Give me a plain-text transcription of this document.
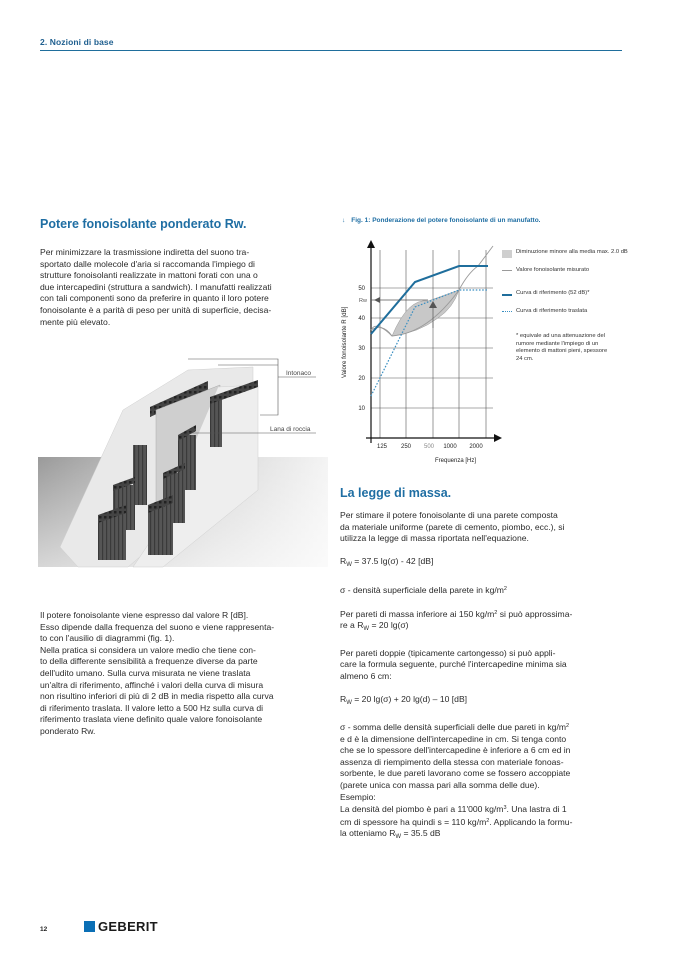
2. Nozioni di base
Potere fonoisolante ponderato Rw.

Per minimizzare la trasmissione indiretta del suono tra-

sportato dalle molecole d'aria si raccomanda l'impiego di

strutture fonoisolanti realizzate in mattoni forati con una o

due intercapedini (struttura a sandwich). I manufatti realizzati

con tali componenti sono da preferire in quanto il loro potere

fonoisolante è a parità di peso per unità di superficie, decisa-

mente più elevato.

Intonaco
Lana di roccia

Il potere fonoisolante viene espresso dal valore R [dB].

Esso dipende dalla frequenza del suono e viene rappresenta-

to con l'ausilio di diagrammi (fig. 1).

Nella pratica si considera un valore medio che tiene con-

to della differente sensibilità a frequenze diverse da parte

dell'udito umano. Sulla curva misurata ne viene traslata

un'altra di riferimento, affinché i valori della curva di misura

non risultino inferiori di più di 2 dB in media rispetto alla curva

di riferimento traslata. Il valore letto a 500 Hz sulla curva di

riferimento traslata viene definito quale valore fonoisolante

ponderato Rw.

↓ Fig. 1: Ponderazione del potere fonoisolante di un manufatto.
Rw
10
20
30
40
50
125 250 500 1000 2000
Frequenza [Hz]
Valore fonoisolante R [dB]
Diminuzione minore alla media max. 2.0 dB
Valore fonoisolante misurato
Curva di riferimento (52 dB)*
Curva di riferimento traslata
* equivale ad una attenuazione del rumore mediante l'impiego di un elemento di mattoni pieni, spessore 24 cm.
La legge di massa.

Per stimare il potere fonoisolante di una parete composta

da materiale uniforme (parete di cemento, piombo, ecc.), si

utilizza la legge di massa riportata nell'equazione.

$R_W = 37.5$ lg(σ) - 42 [dB]

σ - densità superficiale della parete in $kg/m^2$

Per pareti di massa inferiore ai 150 $kg/m^2$ si può approssima-

re a $R_W = 20$ lg(σ)

Per pareti doppie (tipicamente cartongesso) si può appli-

care la formula seguente, purché l'intercapedine minima sia

almeno 6 cm:

$R_W = 20$ lg(σ) + 20 lg(d) – 10 [dB]

σ - somma delle densità superficiali delle due pareti in $kg/m^2$

e d è la dimensione dell'intercapedine in cm. Si tenga conto

che se lo spessore dell'intercapedine è inferiore a 6 cm ed in

assenza di riempimento della stessa con materiale fonoas-

sorbente, le due pareti lavorano come se fossero accoppiate

(parete unica con massa pari alla somma delle due).

Esempio:

La densità del piombo è pari a 11'000 $kg/m^3$. Una lastra di 1

cm di spessore ha quindi s = 110 $kg/m^2$. Applicando la formu-

la otteniamo $R_W = 35.5$ dB

12	GEBERIT
